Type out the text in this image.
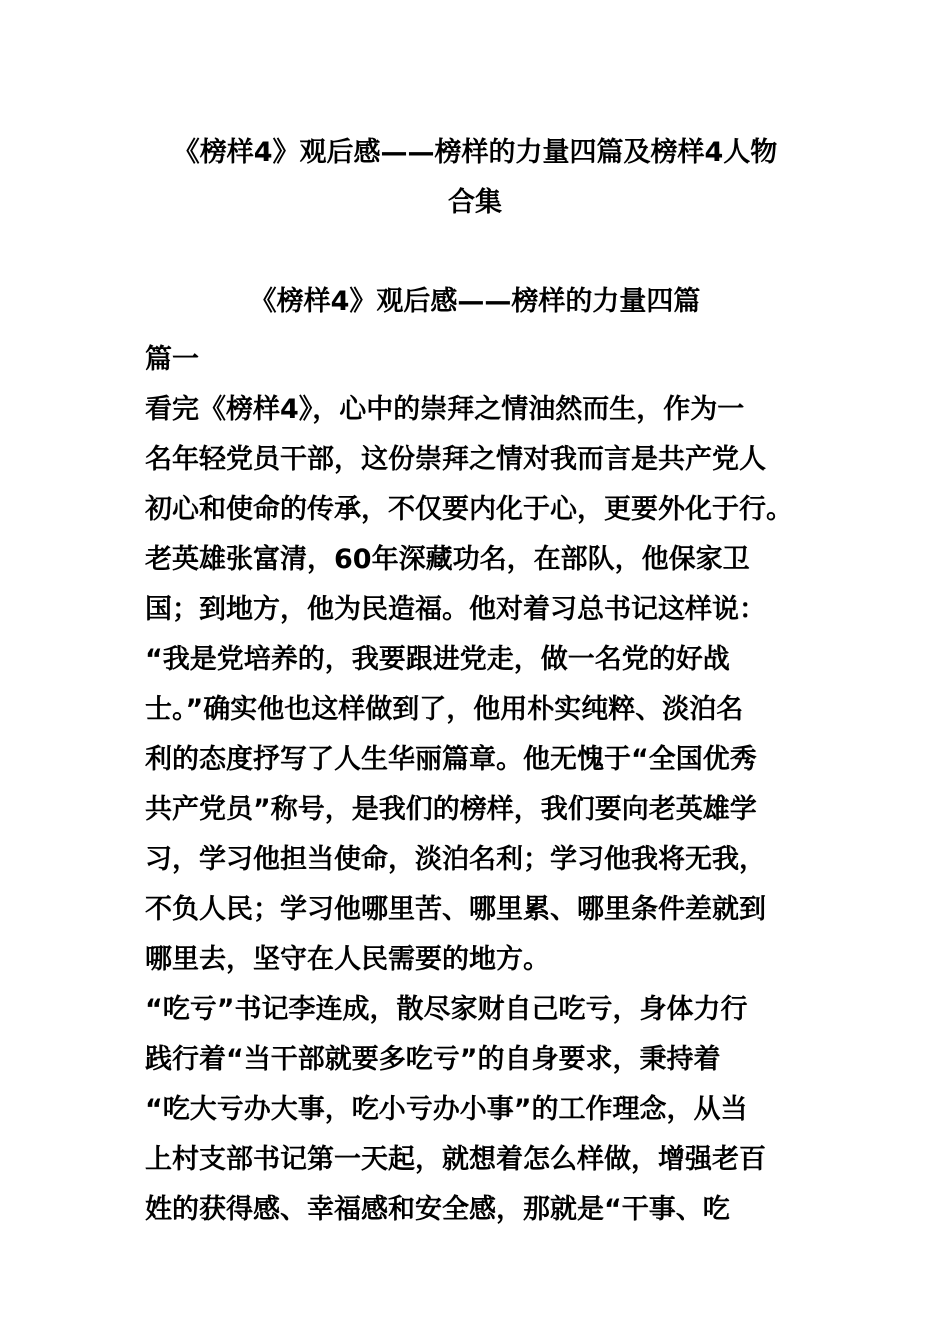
《榜样4》观后感——榜样的力量四篇及榜样4人物
合集
《榜样4》观后感——榜样的力量四篇
篇一
看完《榜样4》，心中的崇拜之情油然而生，作为一
名年轻党员干部，这份崇拜之情对我而言是共产党人
初心和使命的传承，不仅要内化于心，更要外化于行。
老英雄张富清，60年深藏功名，在部队，他保家卫
国；到地方，他为民造福。他对着习总书记这样说：
“我是党培养的，我要跟进党走，做一名党的好战
士。”确实他也这样做到了，他用朴实纯粹、淡泊名
利的态度抒写了人生华丽篇章。他无愧于“全国优秀
共产党员”称号，是我们的榜样，我们要向老英雄学
习，学习他担当使命，淡泊名利；学习他我将无我，
不负人民；学习他哪里苦、哪里累、哪里条件差就到
哪里去，坚守在人民需要的地方。
“吃亏”书记李连成，散尽家财自己吃亏，身体力行
践行着“当干部就要多吃亏”的自身要求，秉持着
“吃大亏办大事，吃小亏办小事”的工作理念，从当
上村支部书记第一天起，就想着怎么样做，增强老百
姓的获得感、幸福感和安全感，那就是“干事、吃
